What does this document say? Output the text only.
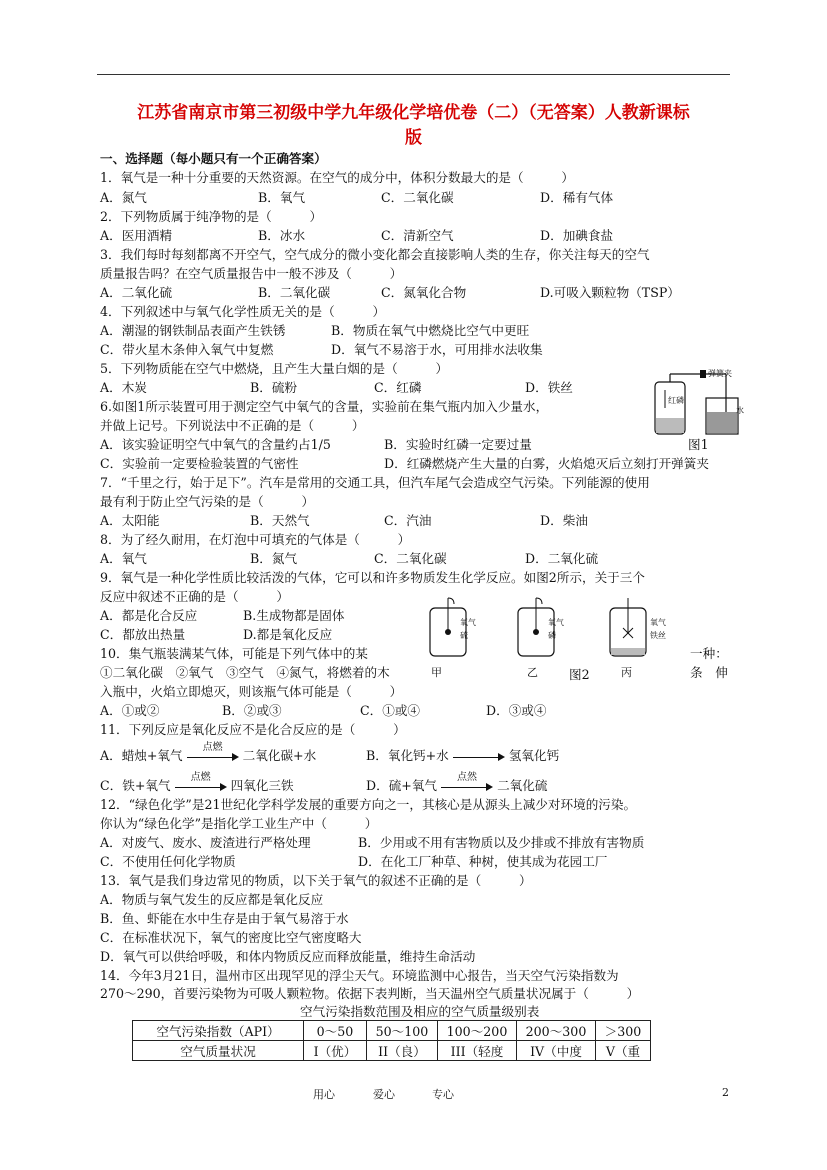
江苏省南京市第三初级中学九年级化学培优卷（二）（无答案）人教新课标
版
一、选择题（每小题只有一个正确答案）
1．氧气是一种十分重要的天然资源。在空气的成分中，体积分数最大的是（　　　）
A．氮气	B．氧气	C．二氧化碳	D．稀有气体
2．下列物质属于纯净物的是（　　　）
A．医用酒精	B．冰水	C．清新空气	D．加碘食盐
3．我们每时每刻都离不开空气，空气成分的微小变化都会直接影响人类的生存，你关注每天的空气
质量报告吗？在空气质量报告中一般不涉及（　　　）
A．二氧化硫	B．二氧化碳	C．氮氧化合物	D.可吸入颗粒物（TSP）
4．下列叙述中与氧气化学性质无关的是（　　　）
A．潮湿的钢铁制品表面产生铁锈	B．物质在氧气中燃烧比空气中更旺
C．带火星木条伸入氧气中复燃	D．氧气不易溶于水，可用排水法收集
5．下列物质能在空气中燃烧，且产生大量白烟的是（　　　）
A．木炭	B．硫粉	C．红磷	D．铁丝
弹簧夹
红磷
水
6.如图1所示装置可用于测定空气中氧气的含量，实验前在集气瓶内加入少量水，
并做上记号。下列说法中不正确的是（　　　）
A．该实验证明空气中氧气的含量约占1/5	B．实验时红磷一定要过量	图1
C．实验前一定要检验装置的气密性	D．红磷燃烧产生大量的白雾，火焰熄灭后立刻打开弹簧夹
7．“千里之行，始于足下”。汽车是常用的交通工具，但汽车尾气会造成空气污染。下列能源的使用
最有利于防止空气污染的是（　　　）
A．太阳能	B．天然气	C．汽油	D．柴油
8．为了经久耐用，在灯泡中可填充的气体是（　　　）
A．氧气	B．氮气	C．二氧化碳	D．二氧化硫
9．氧气是一种化学性质比较活泼的气体，它可以和许多物质发生化学反应。如图2所示，关于三个
反应中叙述不正确的是（　　　）
A．都是化合反应	B.生成物都是固体
C．都放出热量	D.都是氧化反应
氧气
硫
氧气
磷
氧气
铁丝
甲	乙	丙
图2
10．集气瓶装满某气体，可能是下列气体中的某	一种：
①二氧化碳　②氧气　③空气　④氮气，将燃着的木	条　伸
入瓶中，火焰立即熄灭，则该瓶气体可能是（　　　）
A．①或②	B．②或③	C．①或④	D．③或④
11．下列反应是氧化反应不是化合反应的是（　　　）
A．蜡烛+氧气
点燃
二氧化碳+水	B．氧化钙+水	氢氧化钙
C．铁+氧气
点燃
四氧化三铁	D．硫+氧气
点然
二氧化硫
12．“绿色化学”是21世纪化学科学发展的重要方向之一，其核心是从源头上减少对环境的污染。
你认为“绿色化学”是指化学工业生产中（　　　）
A．对废气、废水、废渣进行严格处理	B．少用或不用有害物质以及少排或不排放有害物质
C．不使用任何化学物质	D．在化工厂种草、种树，使其成为花园工厂
13．氧气是我们身边常见的物质，以下关于氧气的叙述不正确的是（　　　）
A．物质与氧气发生的反应都是氧化反应
B．鱼、虾能在水中生存是由于氧气易溶于水
C．在标准状况下，氧气的密度比空气密度略大
D．氧气可以供给呼吸，和体内物质反应而释放能量，维持生命活动
14．今年3月21日，温州市区出现罕见的浮尘天气。环境监测中心报告，当天空气污染指数为
270～290，首要污染物为可吸人颗粒物。依据下表判断，当天温州空气质量状况属于（　　　）
空气污染指数范围及相应的空气质量级别表
空气污染指数（API）	0～50	50～100	100～200	200～300	＞300
空气质量状况	I（优）	II（良）	III（轻度	IV（中度	V（重
用心	爱心	专心	2
